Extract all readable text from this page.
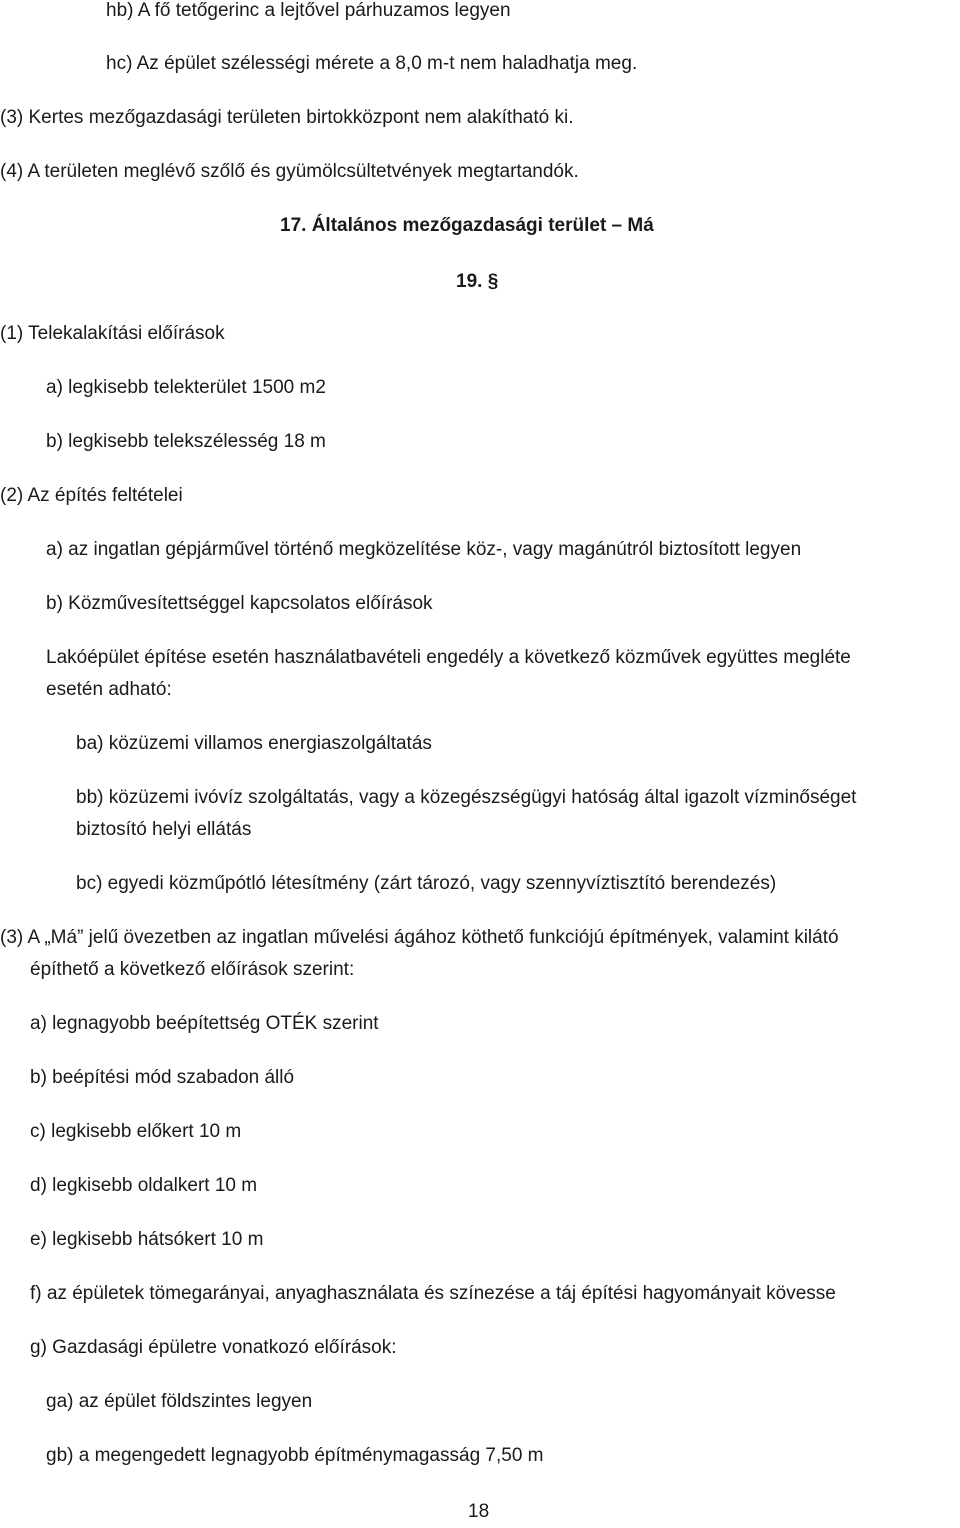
hb) A fő tetőgerinc a lejtővel párhuzamos legyen
hc) Az épület szélességi mérete a 8,0 m-t nem haladhatja meg.
(3) Kertes mezőgazdasági területen birtokközpont nem alakítható ki.
(4) A területen meglévő szőlő és gyümölcsültetvények megtartandók.
17. Általános mezőgazdasági terület – Má
19. §
(1) Telekalakítási előírások
a) legkisebb telekterület 1500 m2
b) legkisebb telekszélesség 18 m
(2) Az építés feltételei
a) az ingatlan gépjárművel történő megközelítése köz-, vagy magánútról biztosított legyen
b) Közművesítettséggel kapcsolatos előírások
Lakóépület építése esetén használatbavételi engedély a következő közművek együttes megléte
esetén adható:
ba) közüzemi villamos energiaszolgáltatás
bb) közüzemi ivóvíz szolgáltatás, vagy a közegészségügyi hatóság által igazolt vízminőséget
biztosító helyi ellátás
bc) egyedi közműpótló létesítmény (zárt tározó, vagy szennyvíztisztító berendezés)
(3) A „Má” jelű övezetben az ingatlan művelési ágához köthető funkciójú építmények, valamint kilátó
építhető a következő előírások szerint:
a) legnagyobb beépítettség OTÉK szerint
b) beépítési mód szabadon álló
c) legkisebb előkert 10 m
d) legkisebb oldalkert 10 m
e) legkisebb hátsókert 10 m
f) az épületek tömegarányai, anyaghasználata és színezése a táj építési hagyományait kövesse
g) Gazdasági épületre vonatkozó előírások:
ga) az épület földszintes legyen
gb) a megengedett legnagyobb építménymagasság 7,50 m
18
